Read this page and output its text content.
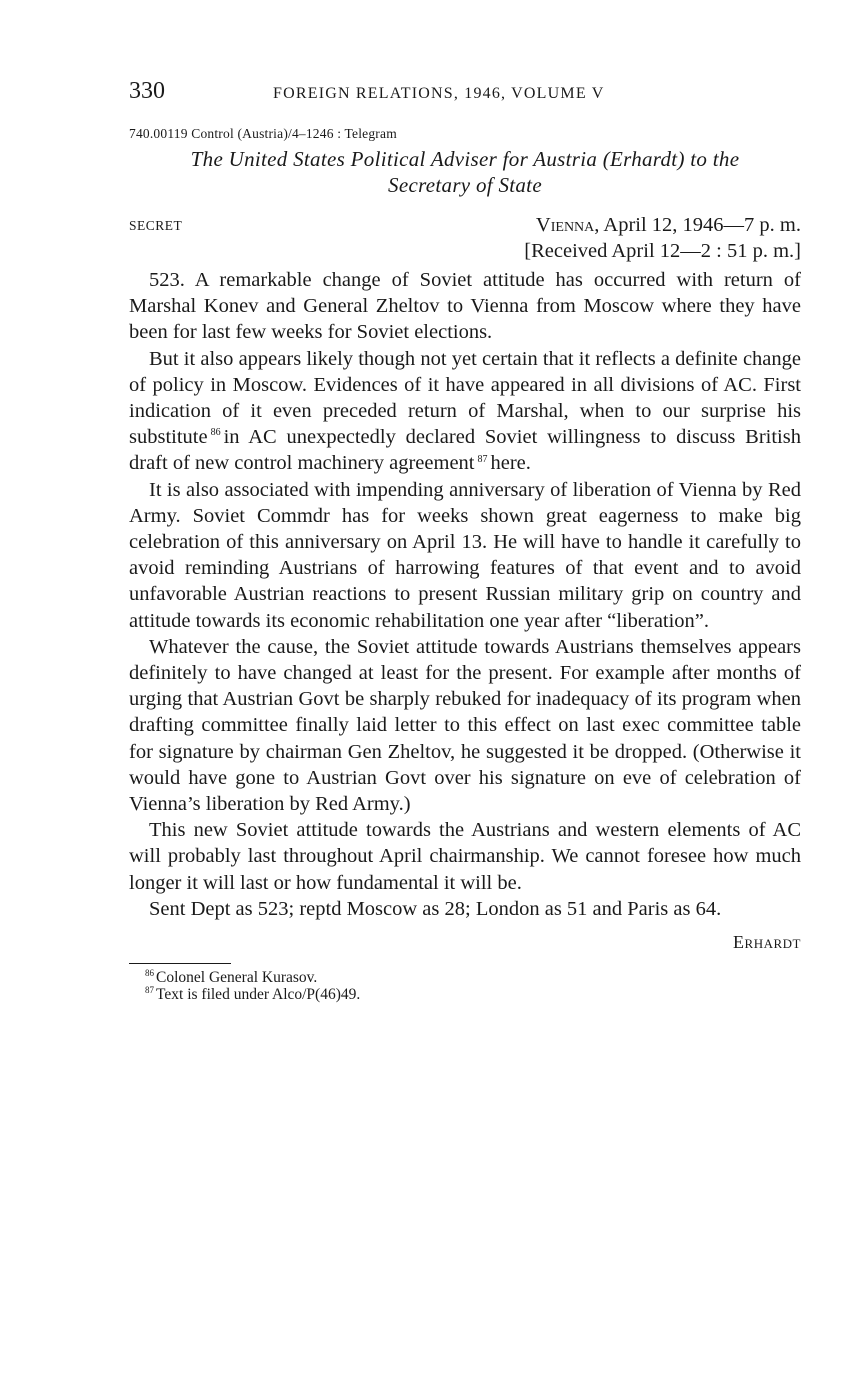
330	FOREIGN RELATIONS, 1946, VOLUME V
740.00119 Control (Austria)/4–1246 : Telegram
The United States Political Adviser for Austria (Erhardt) to the
Secretary of State
SECRET	Vienna, April 12, 1946—7 p. m.
[Received April 12—2 : 51 p. m.]

523. A remarkable change of Soviet attitude has occurred with return of Marshal Konev and General Zheltov to Vienna from Moscow where they have been for last few weeks for Soviet elections.

But it also appears likely though not yet certain that it reflects a definite change of policy in Moscow. Evidences of it have appeared in all divisions of AC. First indication of it even preceded return of Marshal, when to our surprise his substitute $^{86}$ in AC unexpectedly declared Soviet willingness to discuss British draft of new control machinery agreement $^{87}$ here.

It is also associated with impending anniversary of liberation of Vienna by Red Army. Soviet Commdr has for weeks shown great eagerness to make big celebration of this anniversary on April 13. He will have to handle it carefully to avoid reminding Austrians of harrowing features of that event and to avoid unfavorable Austrian reactions to present Russian military grip on country and attitude towards its economic rehabilitation one year after “liberation”.

Whatever the cause, the Soviet attitude towards Austrians themselves appears definitely to have changed at least for the present. For example after months of urging that Austrian Govt be sharply rebuked for inadequacy of its program when drafting committee finally laid letter to this effect on last exec committee table for signature by chairman Gen Zheltov, he suggested it be dropped. (Otherwise it would have gone to Austrian Govt over his signature on eve of celebration of Vienna’s liberation by Red Army.)

This new Soviet attitude towards the Austrians and western elements of AC will probably last throughout April chairmanship. We cannot foresee how much longer it will last or how fundamental it will be.

Sent Dept as 523; reptd Moscow as 28; London as 51 and Paris as 64.

Erhardt
$^{86}$ Colonel General Kurasov.
$^{87}$ Text is filed under Alco/P(46)49.
